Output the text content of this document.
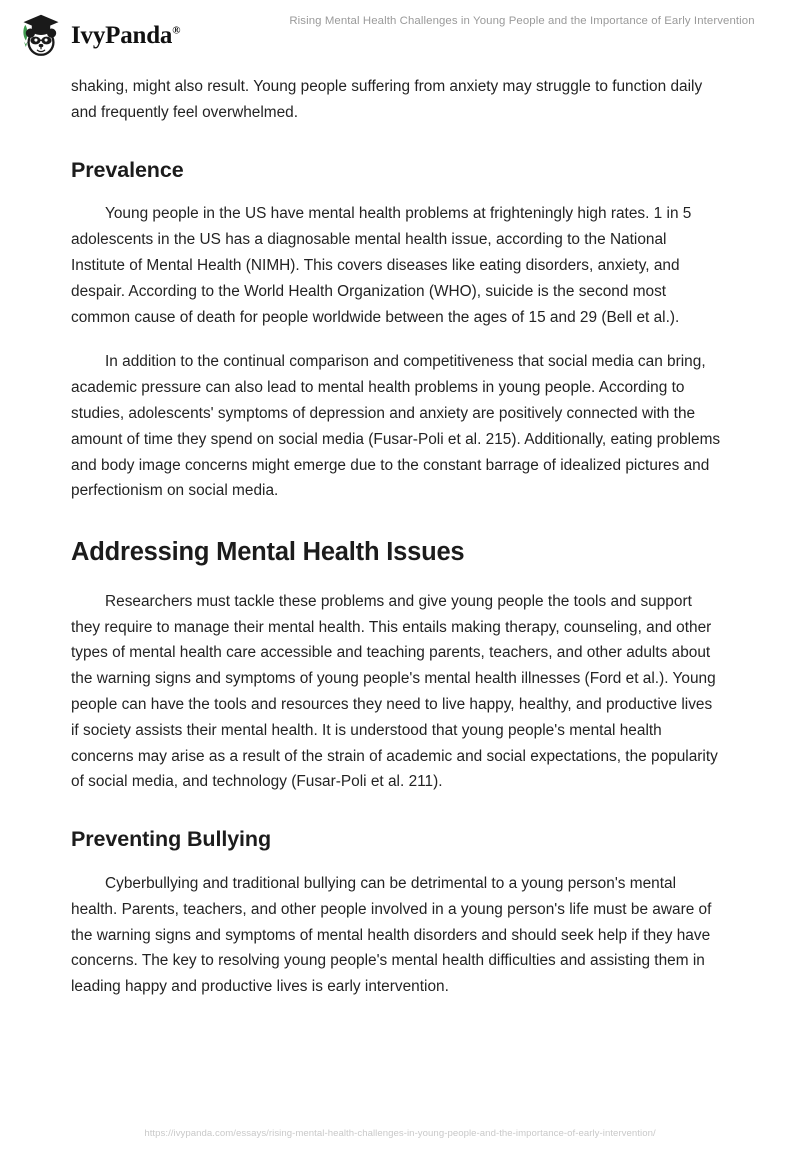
IvyPanda®
Rising Mental Health Challenges in Young People and the Importance of Early Intervention

shaking, might also result. Young people suffering from anxiety may struggle to function daily and frequently feel overwhelmed.

Prevalence

Young people in the US have mental health problems at frighteningly high rates. 1 in 5 adolescents in the US has a diagnosable mental health issue, according to the National Institute of Mental Health (NIMH). This covers diseases like eating disorders, anxiety, and despair. According to the World Health Organization (WHO), suicide is the second most common cause of death for people worldwide between the ages of 15 and 29 (Bell et al.).

In addition to the continual comparison and competitiveness that social media can bring, academic pressure can also lead to mental health problems in young people. According to studies, adolescents' symptoms of depression and anxiety are positively connected with the amount of time they spend on social media (Fusar-Poli et al. 215). Additionally, eating problems and body image concerns might emerge due to the constant barrage of idealized pictures and perfectionism on social media.

Addressing Mental Health Issues

Researchers must tackle these problems and give young people the tools and support they require to manage their mental health. This entails making therapy, counseling, and other types of mental health care accessible and teaching parents, teachers, and other adults about the warning signs and symptoms of young people's mental health illnesses (Ford et al.). Young people can have the tools and resources they need to live happy, healthy, and productive lives if society assists their mental health. It is understood that young people's mental health concerns may arise as a result of the strain of academic and social expectations, the popularity of social media, and technology (Fusar-Poli et al. 211).

Preventing Bullying

Cyberbullying and traditional bullying can be detrimental to a young person's mental health. Parents, teachers, and other people involved in a young person's life must be aware of the warning signs and symptoms of mental health disorders and should seek help if they have concerns. The key to resolving young people's mental health difficulties and assisting them in leading happy and productive lives is early intervention.

https://ivypanda.com/essays/rising-mental-health-challenges-in-young-people-and-the-importance-of-early-intervention/
